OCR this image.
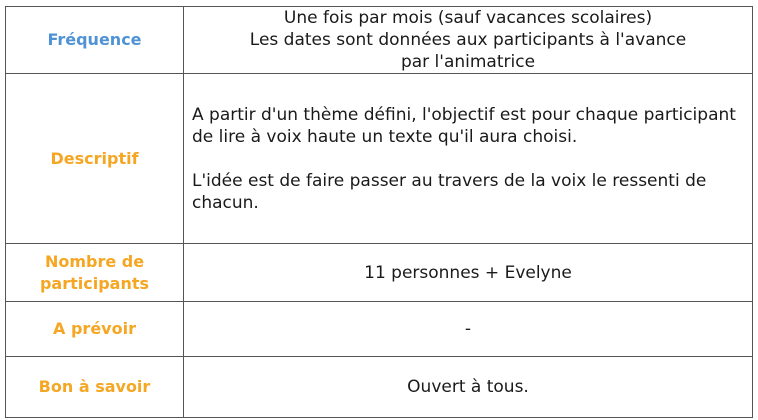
Fréquence	Une fois par mois (sauf vacances scolaires)
Les dates sont données aux participants à l'avance
par l'animatrice

Descriptif	A partir d'un thème défini, l'objectif est pour chaque participant de lire à voix haute un texte qu'il aura choisi.
L'idée est de faire passer au travers de la voix le ressenti de chacun.

Nombre de
participants	11 personnes + Evelyne
A prévoir	-
Bon à savoir	Ouvert à tous.
